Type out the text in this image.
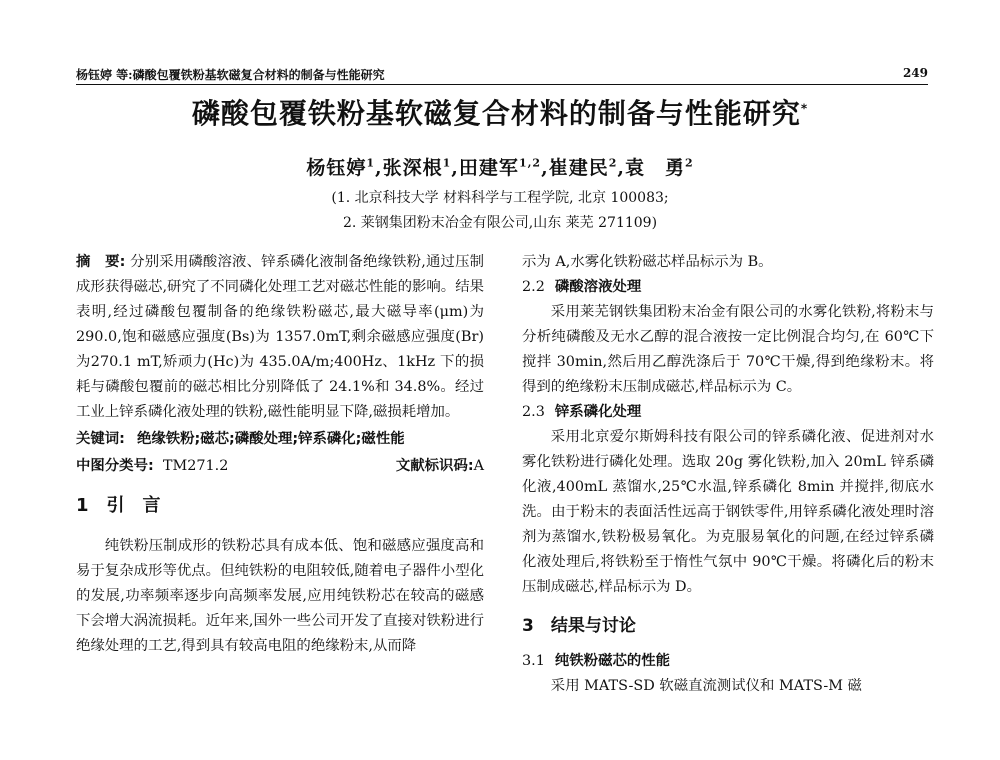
杨钰婷 等:磷酸包覆铁粉基软磁复合材料的制备与性能研究	249
磷酸包覆铁粉基软磁复合材料的制备与性能研究*
杨钰婷$^1$,张深根$^1$,田建军$^{1,2}$,崔建民$^2$,袁　勇$^2$
(1. 北京科技大学 材料科学与工程学院, 北京 100083;
2. 莱钢集团粉末冶金有限公司,山东 莱芜 271109)

摘　要: 分别采用磷酸溶液、锌系磷化液制备绝缘铁粉,通过压制成形获得磁芯,研究了不同磷化处理工艺对磁芯性能的影响。结果表明,经过磷酸包覆制备的绝缘铁粉磁芯,最大磁导率(μm)为 290.0,饱和磁感应强度(Bs)为 1357.0mT,剩余磁感应强度(Br)为270.1 mT,矫顽力(Hc)为 435.0A/m;400Hz、1kHz 下的损耗与磷酸包覆前的磁芯相比分别降低了 24.1%和 34.8%。经过工业上锌系磷化液处理的铁粉,磁性能明显下降,磁损耗增加。

关键词: 绝缘铁粉;磁芯;磷酸处理;锌系磷化;磁性能
中图分类号: TM271.2	文献标识码:A
1　引　言

纯铁粉压制成形的铁粉芯具有成本低、饱和磁感应强度高和易于复杂成形等优点。但纯铁粉的电阻较低,随着电子器件小型化的发展,功率频率逐步向高频率发展,应用纯铁粉芯在较高的磁感下会增大涡流损耗。近年来,国外一些公司开发了直接对铁粉进行绝缘处理的工艺,得到具有较高电阻的绝缘粉末,从而降

示为 A,水雾化铁粉磁芯样品标示为 B。

2.2 磷酸溶液处理

采用莱芜钢铁集团粉末冶金有限公司的水雾化铁粉,将粉末与分析纯磷酸及无水乙醇的混合液按一定比例混合均匀,在 60℃下搅拌 30min,然后用乙醇洗涤后于 70℃干燥,得到绝缘粉末。将得到的绝缘粉末压制成磁芯,样品标示为 C。

2.3 锌系磷化处理

采用北京爱尔斯姆科技有限公司的锌系磷化液、促进剂对水雾化铁粉进行磷化处理。选取 20g 雾化铁粉,加入 20mL 锌系磷化液,400mL 蒸馏水,25℃水温,锌系磷化 8min 并搅拌,彻底水洗。由于粉末的表面活性远高于钢铁零件,用锌系磷化液处理时溶剂为蒸馏水,铁粉极易氧化。为克服易氧化的问题,在经过锌系磷化液处理后,将铁粉至于惰性气氛中 90℃干燥。将磷化后的粉末压制成磁芯,样品标示为 D。

3　结果与讨论
3.1 纯铁粉磁芯的性能

采用 MATS-SD 软磁直流测试仪和 MATS-M 磁
